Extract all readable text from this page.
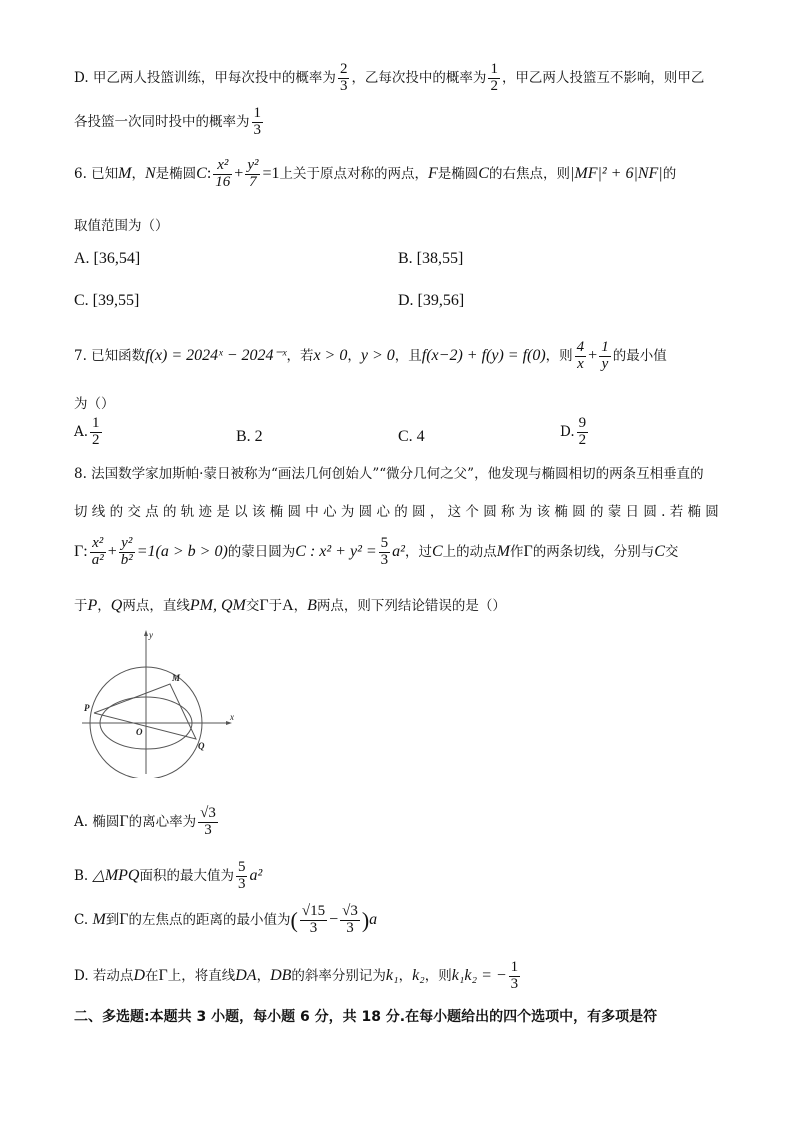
D. 甲乙两人投篮训练，甲每次投中的概率为 $\frac{2}{3}$ ，乙每次投中的概率为 $\frac{1}{2}$ ，甲乙两人投篮互不影响，则甲乙
各投篮一次同时投中的概率为 $\frac{1}{3}$
6. 已知M，N是椭圆C: $\frac{\text{x²}}{16} + \frac{\text{y²}}{7} =1$上关于原点对称的两点，F是椭圆C的右焦点，则|MF|² + 6|NF|的
取值范围为（）
A. [36,54]	B. [38,55]
C. [39,55]	D. [39,56]
7. 已知函数f(x) = 2024ˣ − 2024⁻ˣ，若x > 0，y > 0，且f(x−2) + f(y) = f(0)，则 $\frac{4}{x} + \frac{1}{y}$ 的最小值
为（）
A. $\frac{1}{2}$	B. 2	C. 4	D. $\frac{9}{2}$
8. 法国数学家加斯帕·蒙日被称为“画法几何创始人”“微分几何之父”，他发现与椭圆相切的两条互相垂直的
切 线 的 交 点 的 轨 迹 是 以 该 椭 圆 中 心 为 圆 心 的 圆 ， 这 个 圆 称 为 该 椭 圆 的 蒙 日 圆 . 若 椭 圆
Γ: $\frac{\text{x²}}{\text{a²}} + \frac{\text{y²}}{\text{b²}} =1(a > b > 0)$的蒙日圆为C : $x^2 + y^2 = \frac{5}{3} a^2$，过C上的动点M作Γ的两条切线，分别与C交
于P，Q两点，直线PM, QM交Γ于A，B两点，则下列结论错误的是（）
y
x
O
M
P
Q
A. 椭圆Γ的离心率为 $\frac{√3}{3}$
B. △MPQ面积的最大值为 $\frac{5}{3} a^2$
C. M到Γ的左焦点的距离的最小值为( $\frac{√15}{3} - \frac{√3}{3} )a$
D. 若动点D在Γ上，将直线DA，DB的斜率分别记为k₁，k₂，则k₁k₂ = − $\frac{1}{3}$
二、多选题:本题共 3 小题，每小题 6 分，共 18 分.在每小题给出的四个选项中，有多项是符
